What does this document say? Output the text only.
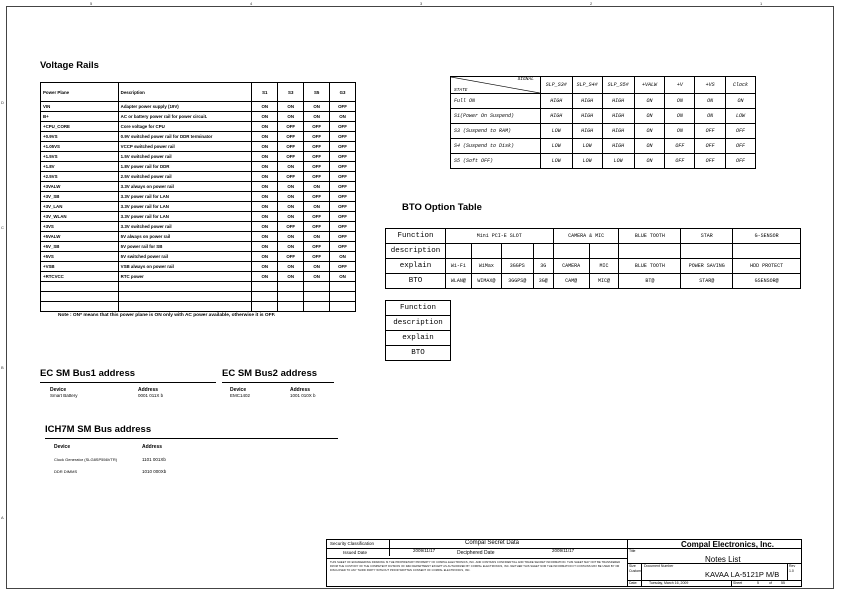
5	4	3	2	1
D
C
B
A
Voltage Rails
Power Plane	Description	S1	S3	S5	G3
VIN	Adapter power supply (19V)	ON	ON	ON	OFF
B+	AC or battery power rail for power circuit.	ON	ON	ON	ON
+CPU_CORE	Core voltage for CPU	ON	OFF	OFF	OFF
+0.9VS	0.9V switched power rail for DDR terminator	ON	OFF	OFF	OFF
+1.05VS	VCCP switched power rail	ON	OFF	OFF	OFF
+1.5VS	1.5V switched power rail	ON	OFF	OFF	OFF
+1.8V	1.8V power rail for DDR	ON	ON	OFF	OFF
+2.5VS	2.5V switched power rail	ON	OFF	OFF	OFF
+3VALW	3.3V always on power rail	ON	ON	ON	OFF
+3V_SB	3.3V power rail for LAN	ON	ON	OFF	OFF
+3V_LAN	3.3V power rail for LAN	ON	ON	ON	OFF
+3V_WLAN	3.3V power rail for LAN	ON	ON	OFF	OFF
+3VS	3.3V switched power rail	ON	OFF	OFF	OFF
+5VALW	5V always on power rail	ON	ON	ON	OFF
+5V_SB	5V power rail for SB	ON	ON	OFF	OFF
+5VS	5V switched power rail	ON	OFF	OFF	ON
+VSB	VSB always on power rail	ON	ON	ON	OFF
+RTCVCC	RTC power	ON	ON	ON	ON

Note : ON* means that this power plane is ON only with AC power available, otherwise it is OFF.
SIGNAL
STATE	SLP_S3#	SLP_S4#	SLP_S5#	+VALW	+V	+VS	Clock
Full ON	HIGH	HIGH	HIGH	ON	ON	ON	ON
S1(Power On Suspend)	HIGH	HIGH	HIGH	ON	ON	ON	LOW
S3 (Suspend to RAM)	LOW	HIGH	HIGH	ON	ON	OFF	OFF
S4 (Suspend to Disk)	LOW	LOW	HIGH	ON	OFF	OFF	OFF
S5 (Soft OFF)	LOW	LOW	LOW	ON	OFF	OFF	OFF
BTO Option Table
Function	Mini PCI-E SLOT				CAMERA & MIC		BLUE TOOTH	STAR	G-SENSOR
description									
explain	Wi-Fi	WiMax	3GGPS	3G	CAMERA	MIC	BLUE TOOTH	POWER SAVING	HDD PROTECT
BTO	WLAN@	WIMAX@	3GGPS@	3G@	CAM@	MIC@	BT@	STAR@	GSENSOR@
Function
description
explain
BTO
EC SM Bus1 address
Device	Address
Smart Battery	0001 011X b
EC SM Bus2 address
Device	Address
EMC1402	1001 010X b
ICH7M SM Bus address
Device	Address
Clock Generator (SLG8SP556VTR)	1101 001Xb
DDR DIMMS	1010 000Xb
Security Classification	Compal Secret Data
Issued Date	2009/11/17	Deciphered Date	2009/11/17
THIS SHEET OF ENGINEERING DRAWING IS THE PROPRIETARY PROPERTY OF COMPAL ELECTRONICS, INC. AND CONTAINS CONFIDENTIAL AND TRADE SECRET INFORMATION. THIS SHEET MAY NOT BE TRANSFERED FROM THE CUSTODY OF THE COMPETENT DIVISION OF R&D DEPARTMENT EXCEPT AS AUTHORIZED BY COMPAL ELECTRONICS, INC. NEITHER THIS SHEET NOR THE INFORMATION IT CONTAINS MAY BE USED BY OR DISCLOSED TO ANY THIRD PARTY WITHOUT PRIOR WRITTEN CONSENT OF COMPAL ELECTRONICS, INC.
Compal Electronics, Inc.
Title
Notes List
Size
Custom
Document Number
KAVAA LA-5121P M/B
Rev
1.0
Date:	Tuesday, March 16, 2009	Sheet	5	of	55
